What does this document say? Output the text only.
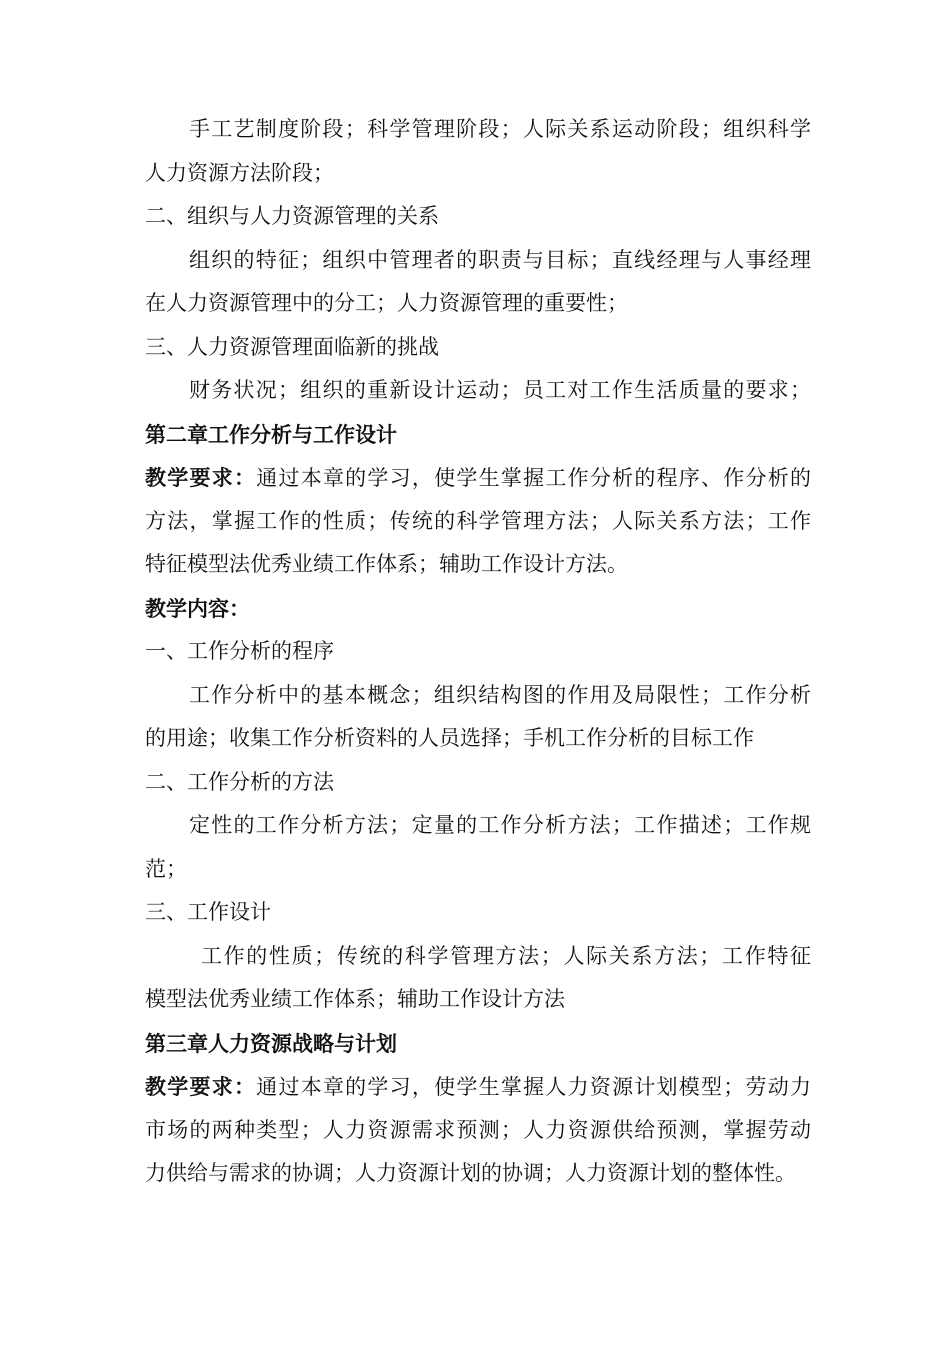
手工艺制度阶段；科学管理阶段；人际关系运动阶段；组织科学
人力资源方法阶段；
二、组织与人力资源管理的关系
组织的特征；组织中管理者的职责与目标；直线经理与人事经理
在人力资源管理中的分工；人力资源管理的重要性；
三、人力资源管理面临新的挑战
财务状况；组织的重新设计运动；员工对工作生活质量的要求；
第二章工作分析与工作设计
教学要求：通过本章的学习，使学生掌握工作分析的程序、作分析的
方法，掌握工作的性质；传统的科学管理方法；人际关系方法；工作
特征模型法优秀业绩工作体系；辅助工作设计方法。
教学内容：
一、工作分析的程序
工作分析中的基本概念；组织结构图的作用及局限性；工作分析
的用途；收集工作分析资料的人员选择；手机工作分析的目标工作
二、工作分析的方法
定性的工作分析方法；定量的工作分析方法；工作描述；工作规
范；
三、工作设计
工作的性质；传统的科学管理方法；人际关系方法；工作特征
模型法优秀业绩工作体系；辅助工作设计方法
第三章人力资源战略与计划
教学要求：通过本章的学习，使学生掌握人力资源计划模型；劳动力
市场的两种类型；人力资源需求预测；人力资源供给预测，掌握劳动
力供给与需求的协调；人力资源计划的协调；人力资源计划的整体性。
